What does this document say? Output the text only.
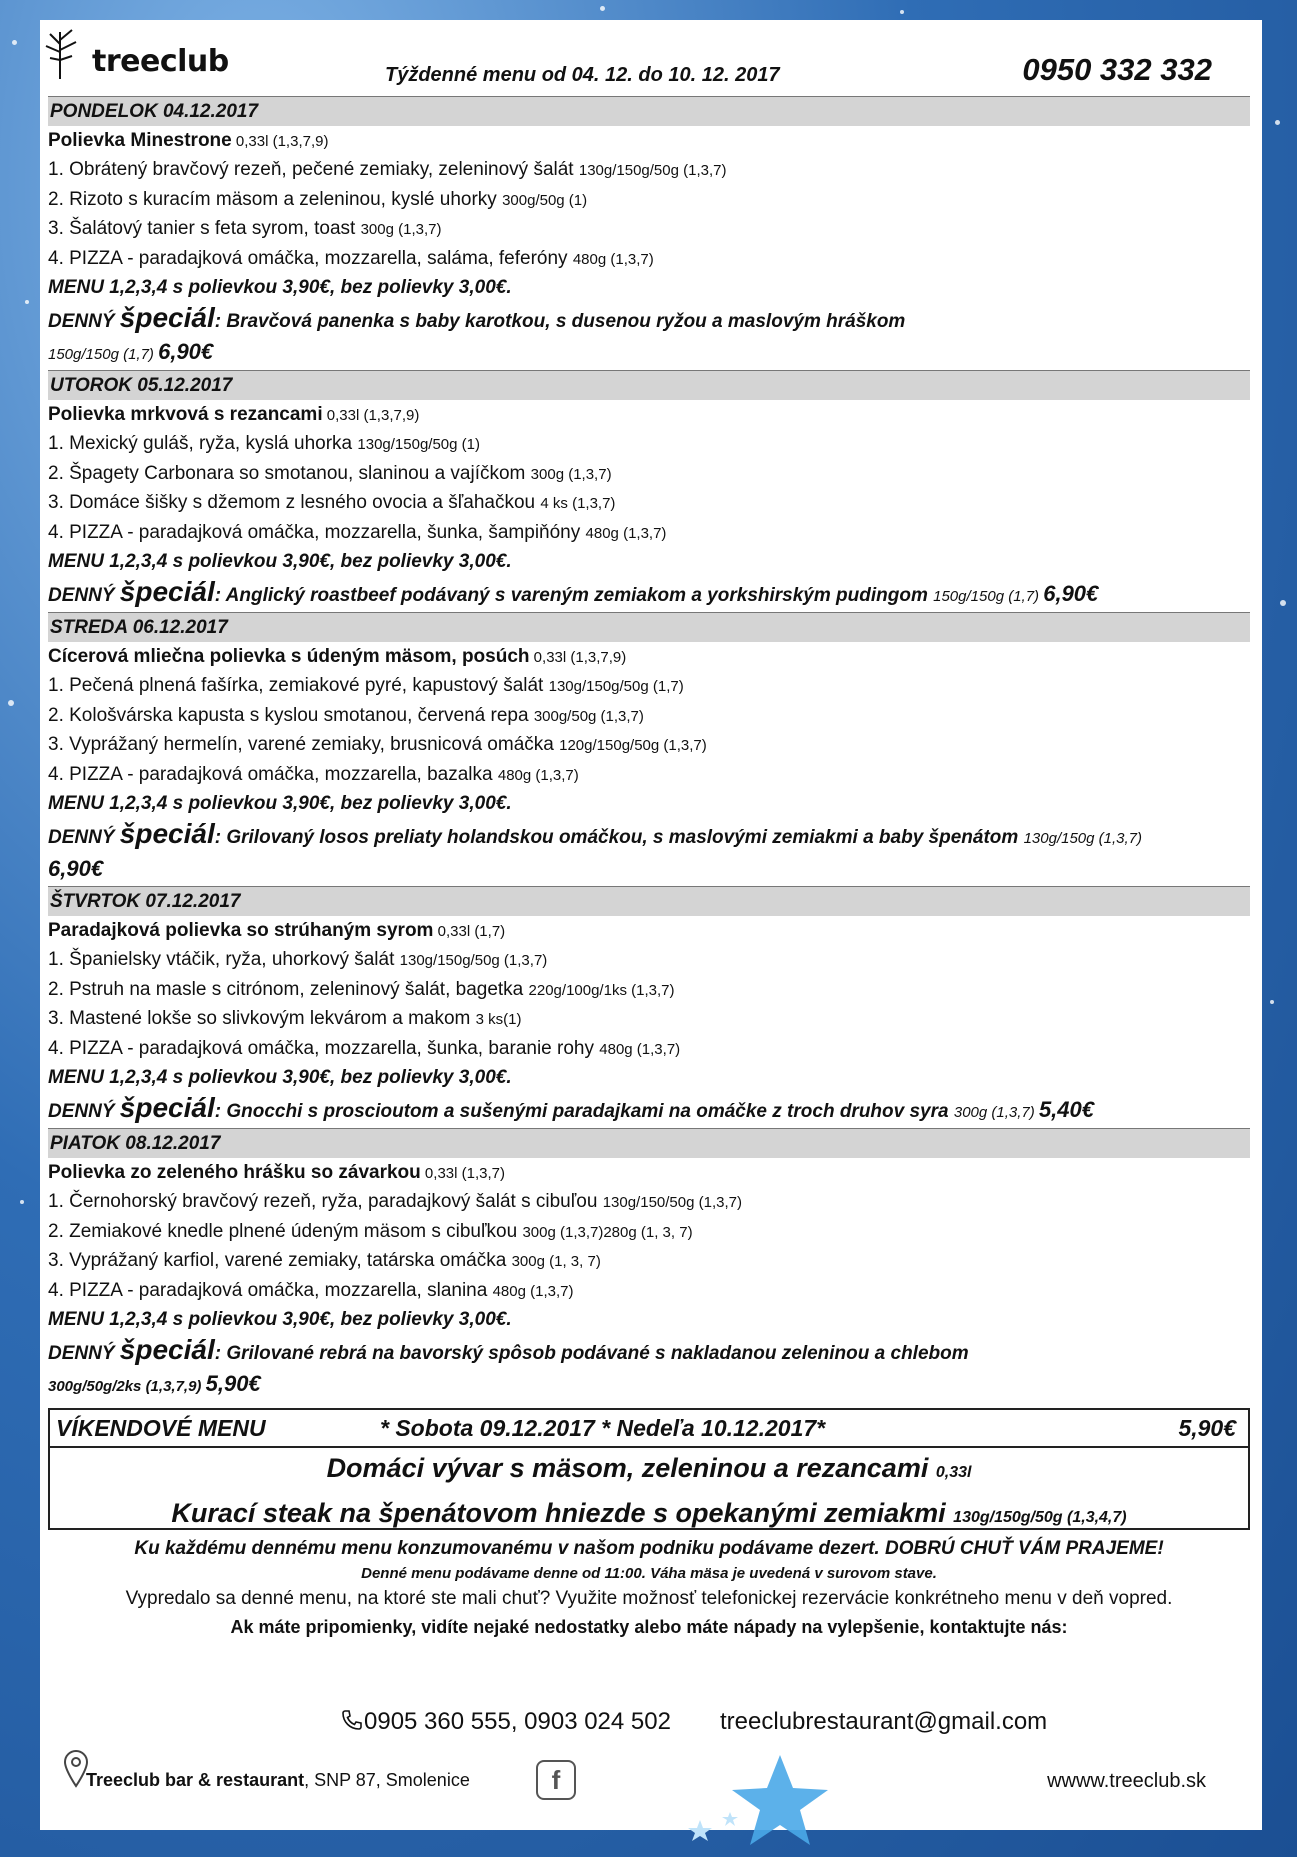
treeclub	Týždenné menu od 04. 12. do 10. 12. 2017	0950 332 332
PONDELOK 04.12.2017
Polievka Minestrone 0,33l (1,3,7,9)
1. Obrátený bravčový rezeň, pečené zemiaky, zeleninový šalát 130g/150g/50g (1,3,7)
2. Rizoto s kuracím mäsom a zeleninou, kyslé uhorky 300g/50g (1)
3. Šalátový tanier s feta syrom, toast 300g (1,3,7)
4. PIZZA - paradajková omáčka, mozzarella, saláma, feferóny 480g (1,3,7)
MENU 1,2,3,4 s polievkou 3,90€, bez polievky 3,00€.
DENNÝ špeciál: Bravčová panenka s baby karotkou, s dusenou ryžou a maslovým hráškom
150g/150g (1,7) 6,90€
UTOROK 05.12.2017
Polievka mrkvová s rezancami 0,33l (1,3,7,9)
1. Mexický guláš, ryža, kyslá uhorka 130g/150g/50g (1)
2. Špagety Carbonara so smotanou, slaninou a vajíčkom 300g (1,3,7)
3. Domáce šišky s džemom z lesného ovocia a šľahačkou 4 ks (1,3,7)
4. PIZZA - paradajková omáčka, mozzarella, šunka, šampiňóny 480g (1,3,7)
MENU 1,2,3,4 s polievkou 3,90€, bez polievky 3,00€.
DENNÝ špeciál: Anglický roastbeef podávaný s vareným zemiakom a yorkshirským pudingom 150g/150g (1,7) 6,90€
STREDA 06.12.2017
Cícerová mliečna polievka s údeným mäsom, posúch 0,33l (1,3,7,9)
1. Pečená plnená fašírka, zemiakové pyré, kapustový šalát 130g/150g/50g (1,7)
2. Kološvárska kapusta s kyslou smotanou, červená repa 300g/50g (1,3,7)
3. Vyprážaný hermelín, varené zemiaky, brusnicová omáčka 120g/150g/50g (1,3,7)
4. PIZZA - paradajková omáčka, mozzarella, bazalka 480g (1,3,7)
MENU 1,2,3,4 s polievkou 3,90€, bez polievky 3,00€.
DENNÝ špeciál: Grilovaný losos preliaty holandskou omáčkou, s maslovými zemiakmi a baby špenátom 130g/150g (1,3,7) 6,90€
ŠTVRTOK 07.12.2017
Paradajková polievka so strúhaným syrom 0,33l (1,7)
1. Španielsky vtáčik, ryža, uhorkový šalát 130g/150g/50g (1,3,7)
2. Pstruh na masle s citrónom, zeleninový šalát, bagetka 220g/100g/1ks (1,3,7)
3. Mastené lokše so slivkovým lekvárom a makom 3 ks(1)
4. PIZZA - paradajková omáčka, mozzarella, šunka, baranie rohy 480g (1,3,7)
MENU 1,2,3,4 s polievkou 3,90€, bez polievky 3,00€.
DENNÝ špeciál: Gnocchi s proscioutom a sušenými paradajkami na omáčke z troch druhov syra 300g (1,3,7) 5,40€
PIATOK 08.12.2017
Polievka zo zeleného hrášku so závarkou 0,33l (1,3,7)
1. Černohorský bravčový rezeň, ryža, paradajkový šalát s cibuľou 130g/150/50g (1,3,7)
2. Zemiakové knedle plnené údeným mäsom s cibuľkou 300g (1,3,7)280g (1, 3, 7)
3. Vyprážaný karfiol, varené zemiaky, tatárska omáčka 300g (1, 3, 7)
4. PIZZA - paradajková omáčka, mozzarella, slanina 480g (1,3,7)
MENU 1,2,3,4 s polievkou 3,90€, bez polievky 3,00€.
DENNÝ špeciál: Grilované rebrá na bavorský spôsob podávané s nakladanou zeleninou a chlebom
300g/50g/2ks (1,3,7,9) 5,90€
VÍKENDOVÉ MENU	* Sobota 09.12.2017 * Nedeľa 10.12.2017*	5,90€
Domáci vývar s mäsom, zeleninou a rezancami 0,33l
Kurací steak na špenátovom hniezde s opekanými zemiakmi 130g/150g/50g (1,3,4,7)
Ku každému dennému menu konzumovanému v našom podniku podávame dezert. DOBRÚ CHUŤ VÁM PRAJEME!
Denné menu podávame denne od 11:00. Váha mäsa je uvedená v surovom stave.
Vypredalo sa denné menu, na ktoré ste mali chuť? Využite možnosť telefonickej rezervácie konkrétneho menu v deň vopred.
Ak máte pripomienky, vidíte nejaké nedostatky alebo máte nápady na vylepšenie, kontaktujte nás:
0905 360 555, 0903 024 502 treeclubrestaurant@gmail.com
Treeclub bar & restaurant, SNP 87, Smolenice	f	wwww.treeclub.sk
